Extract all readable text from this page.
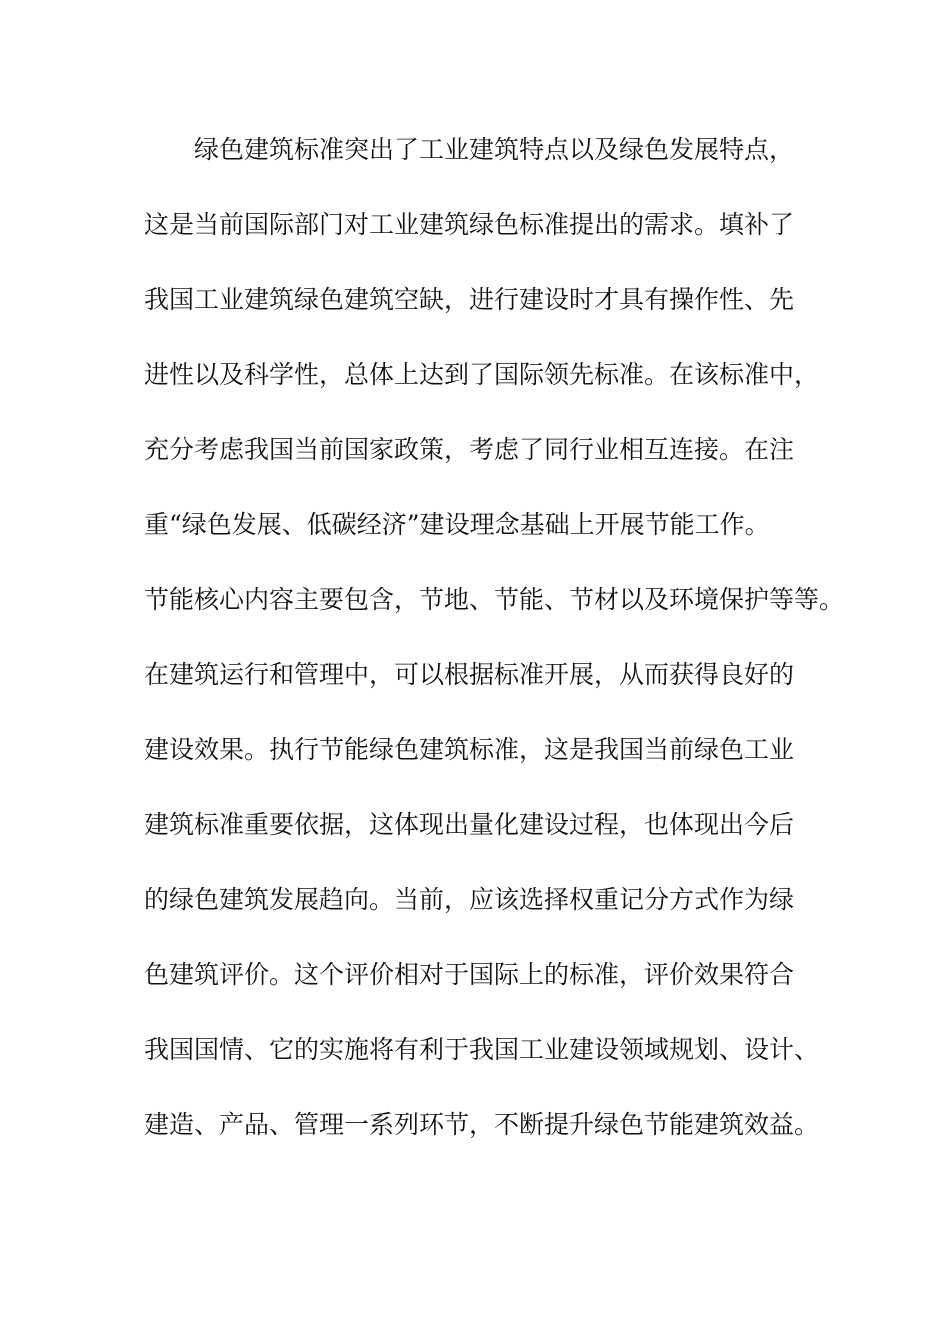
绿色建筑标准突出了工业建筑特点以及绿色发展特点，
这是当前国际部门对工业建筑绿色标准提出的需求。填补了
我国工业建筑绿色建筑空缺，进行建设时才具有操作性、先
进性以及科学性，总体上达到了国际领先标准。在该标准中，
充分考虑我国当前国家政策，考虑了同行业相互连接。在注
重“绿色发展、低碳经济”建设理念基础上开展节能工作。
节能核心内容主要包含，节地、节能、节材以及环境保护等等。
在建筑运行和管理中，可以根据标准开展，从而获得良好的
建设效果。执行节能绿色建筑标准，这是我国当前绿色工业
建筑标准重要依据，这体现出量化建设过程，也体现出今后
的绿色建筑发展趋向。当前，应该选择权重记分方式作为绿
色建筑评价。这个评价相对于国际上的标准，评价效果符合
我国国情、它的实施将有利于我国工业建设领域规划、设计、
建造、产品、管理一系列环节，不断提升绿色节能建筑效益。
